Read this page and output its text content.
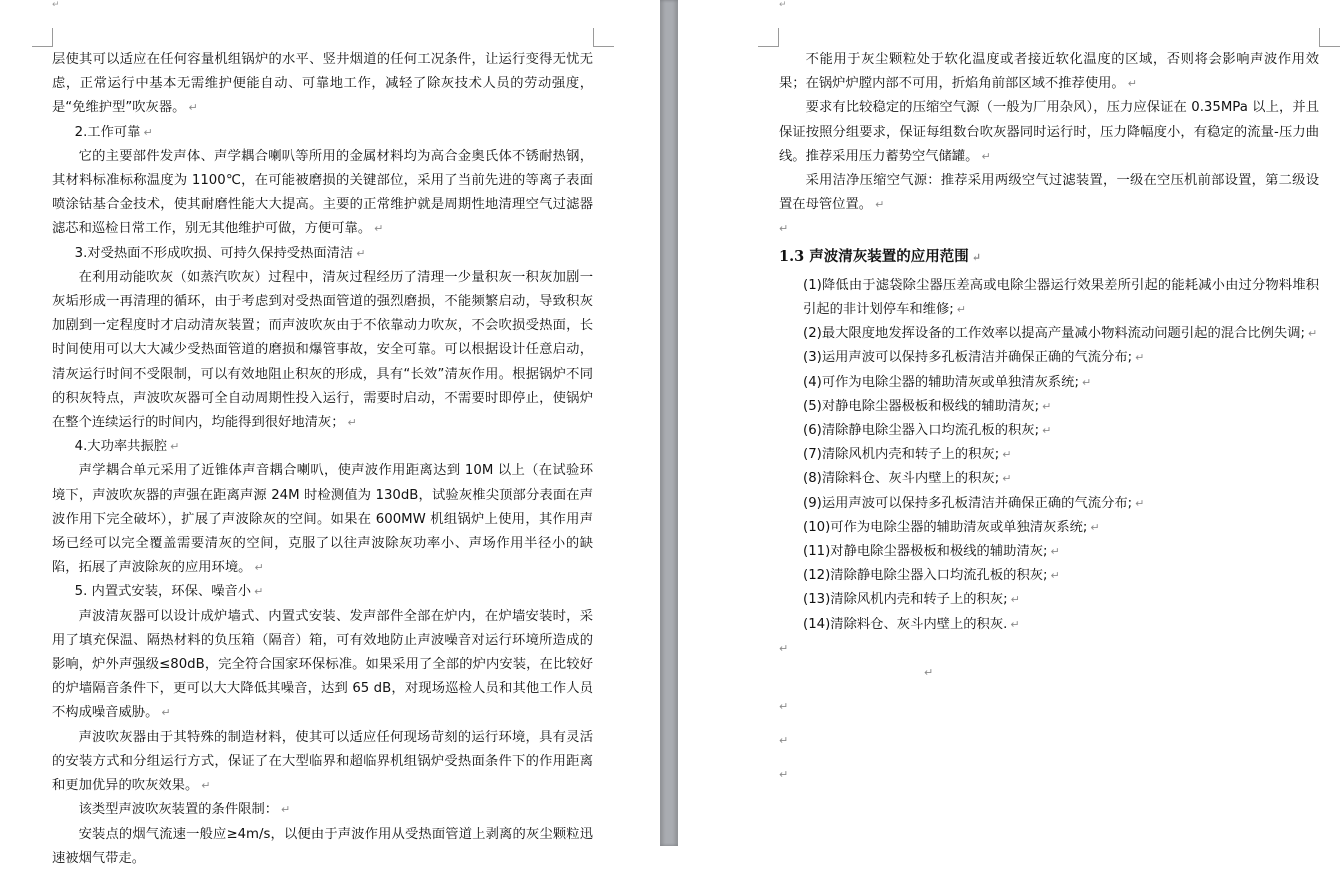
↵

层使其可以适应在任何容量机组锅炉的水平、竖井烟道的任何工况条件，让运行变得无忧无虑，正常运行中基本无需维护便能自动、可靠地工作，减轻了除灰技术人员的劳动强度，是“免维护型”吹灰器。 ↵

2.工作可靠 ↵

它的主要部件发声体、声学耦合喇叭等所用的金属材料均为高合金奥氏体不锈耐热钢，其材料标准标称温度为 1100℃，在可能被磨损的关键部位，采用了当前先进的等离子表面喷涂钴基合金技术，使其耐磨性能大大提高。主要的正常维护就是周期性地清理空气过滤器滤芯和巡检日常工作，别无其他维护可做，方便可靠。 ↵

3.对受热面不形成吹损、可持久保持受热面清洁 ↵

在利用动能吹灰（如蒸汽吹灰）过程中，清灰过程经历了清理一少量积灰一积灰加剧一灰垢形成一再清理的循环，由于考虑到对受热面管道的强烈磨损，不能频繁启动，导致积灰加剧到一定程度时才启动清灰装置；而声波吹灰由于不依靠动力吹灰，不会吹损受热面，长时间使用可以大大减少受热面管道的磨损和爆管事故，安全可靠。可以根据设计任意启动，清灰运行时间不受限制，可以有效地阻止积灰的形成，具有“长效”清灰作用。根据锅炉不同的积灰特点，声波吹灰器可全自动周期性投入运行，需要时启动，不需要时即停止，使锅炉在整个连续运行的时间内，均能得到很好地清灰； ↵

4.大功率共振腔 ↵

声学耦合单元采用了近锥体声音耦合喇叭，使声波作用距离达到 10M 以上（在试验环境下，声波吹灰器的声强在距离声源 24M 时检测值为 130dB，试验灰椎尖顶部分表面在声波作用下完全破坏），扩展了声波除灰的空间。如果在 600MW 机组锅炉上使用，其作用声场已经可以完全覆盖需要清灰的空间，克服了以往声波除灰功率小、声场作用半径小的缺陷，拓展了声波除灰的应用环境。 ↵

5. 内置式安装，环保、噪音小 ↵

声波清灰器可以设计成炉墙式、内置式安装、发声部件全部在炉内，在炉墙安装时，采用了填充保温、隔热材料的负压箱（隔音）箱，可有效地防止声波噪音对运行环境所造成的影响，炉外声强级≤80dB，完全符合国家环保标准。如果采用了全部的炉内安装，在比较好的炉墙隔音条件下，更可以大大降低其噪音，达到 65 dB，对现场巡检人员和其他工作人员不构成噪音威胁。 ↵

声波吹灰器由于其特殊的制造材料，使其可以适应任何现场苛刻的运行环境，具有灵活的安装方式和分组运行方式，保证了在大型临界和超临界机组锅炉受热面条件下的作用距离和更加优异的吹灰效果。 ↵

该类型声波吹灰装置的条件限制： ↵

安装点的烟气流速一般应≥4m/s，以便由于声波作用从受热面管道上剥离的灰尘颗粒迅速被烟气带走。

↵

不能用于灰尘颗粒处于软化温度或者接近软化温度的区域，否则将会影响声波作用效果；在锅炉炉膛内部不可用，折焰角前部区域不推荐使用。 ↵

要求有比较稳定的压缩空气源（一般为厂用杂风），压力应保证在 0.35MPa 以上，并且保证按照分组要求，保证每组数台吹灰器同时运行时，压力降幅度小，有稳定的流量-压力曲线。推荐采用压力蓄势空气储罐。 ↵

采用洁净压缩空气源：推荐采用两级空气过滤装置，一级在空压机前部设置，第二级设置在母管位置。 ↵

↵

1.3 声波清灰装置的应用范围 ↵

(1)降低由于滤袋除尘器压差高或电除尘器运行效果差所引起的能耗减小由过分物料堆积引起的非计划停车和维修; ↵

(2)最大限度地发挥设备的工作效率以提高产量减小物料流动问题引起的混合比例失调; ↵

(3)运用声波可以保持多孔板清洁并确保正确的气流分布; ↵

(4)可作为电除尘器的辅助清灰或单独清灰系统; ↵

(5)对静电除尘器极板和极线的辅助清灰; ↵

(6)清除静电除尘器入口均流孔板的积灰; ↵

(7)清除风机内壳和转子上的积灰; ↵

(8)清除料仓、灰斗内壁上的积灰; ↵

(9)运用声波可以保持多孔板清洁并确保正确的气流分布; ↵

(10)可作为电除尘器的辅助清灰或单独清灰系统; ↵

(11)对静电除尘器极板和极线的辅助清灰; ↵

(12)清除静电除尘器入口均流孔板的积灰; ↵

(13)清除风机内壳和转子上的积灰; ↵

(14)清除料仓、灰斗内壁上的积灰. ↵

↵
↵
↵
↵
↵
